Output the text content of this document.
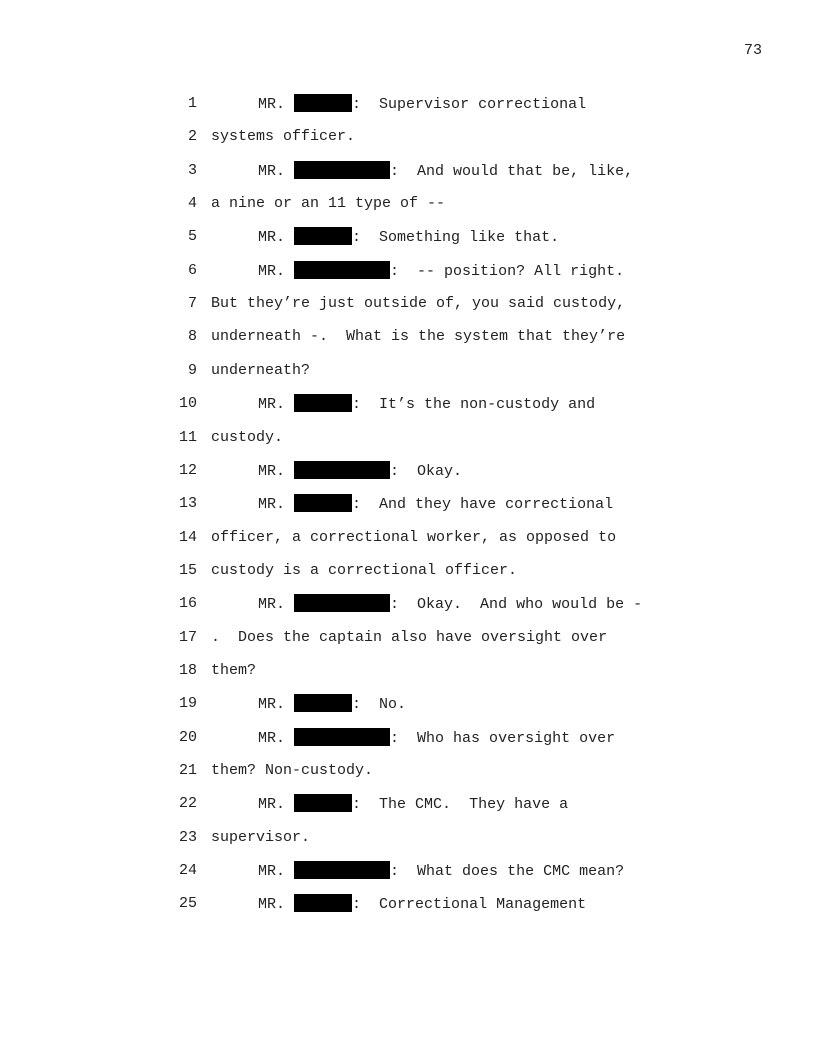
73
1	MR.	:  Supervisor correctional
2 systems officer.
3	MR.	:  And would that be, like,
4 a nine or an 11 type of --
5	MR.	:  Something like that.
6	MR.	:  -- position? All right.
7 But they’re just outside of, you said custody,
8 underneath -.  What is the system that they’re
9 underneath?
10	MR.	:  It’s the non-custody and
11 custody.
12	MR.	:  Okay.
13	MR.	:  And they have correctional
14 officer, a correctional worker, as opposed to
15 custody is a correctional officer.
16	MR.	:  Okay.  And who would be -
17 .  Does the captain also have oversight over
18 them?
19	MR.	:  No.
20	MR.	:  Who has oversight over
21 them? Non-custody.
22	MR.	:  The CMC.  They have a
23 supervisor.
24	MR.	:  What does the CMC mean?
25	MR.	:  Correctional Management
